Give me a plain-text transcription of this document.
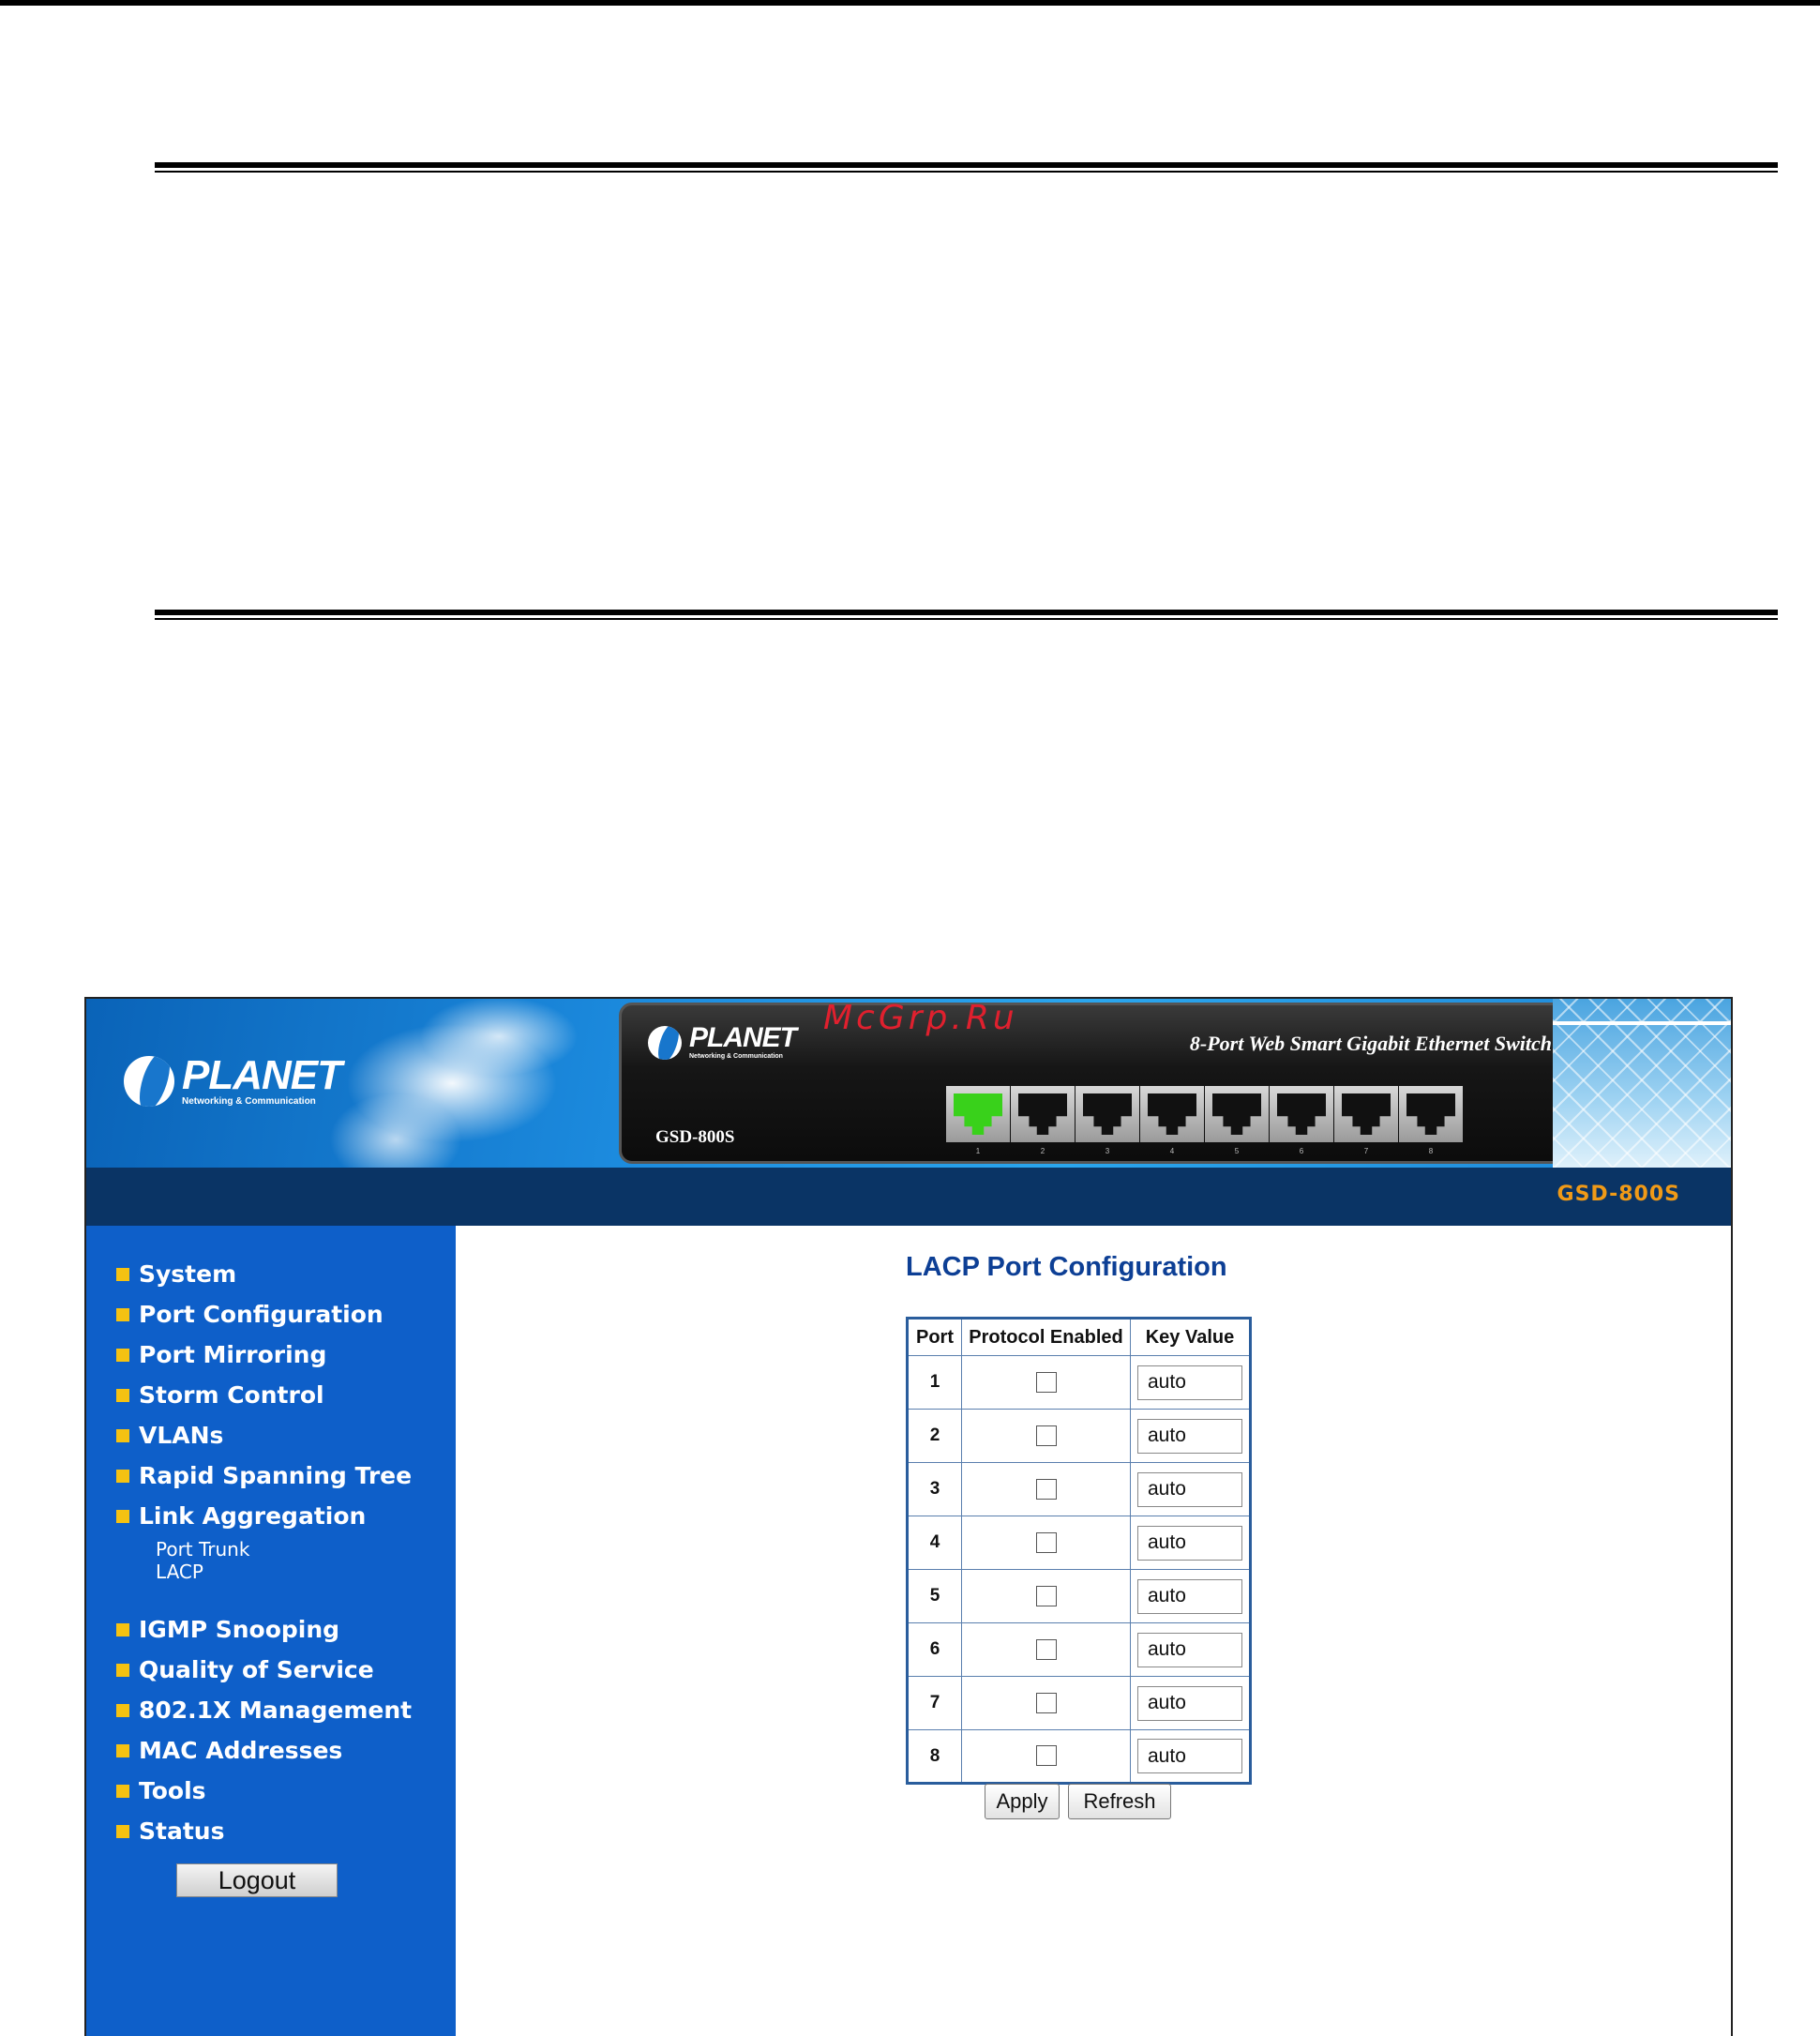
PLANET
Networking & Communication
PLANET
Networking & Communication
8-Port Web Smart Gigabit Ethernet Switch
GSD-800S
1	2	3	4	5	6	7	8
McGrp.Ru
GSD-800S
System
Port Configuration
Port Mirroring
Storm Control
VLANs
Rapid Spanning Tree
Link Aggregation
Port Trunk
LACP
IGMP Snooping
Quality of Service
802.1X Management
MAC Addresses
Tools
Status
Logout
LACP Port Configuration
Port	Protocol Enabled	Key Value
1		auto
2		auto
3		auto
4		auto
5		auto
6		auto
7		auto
8		auto
Apply	Refresh
